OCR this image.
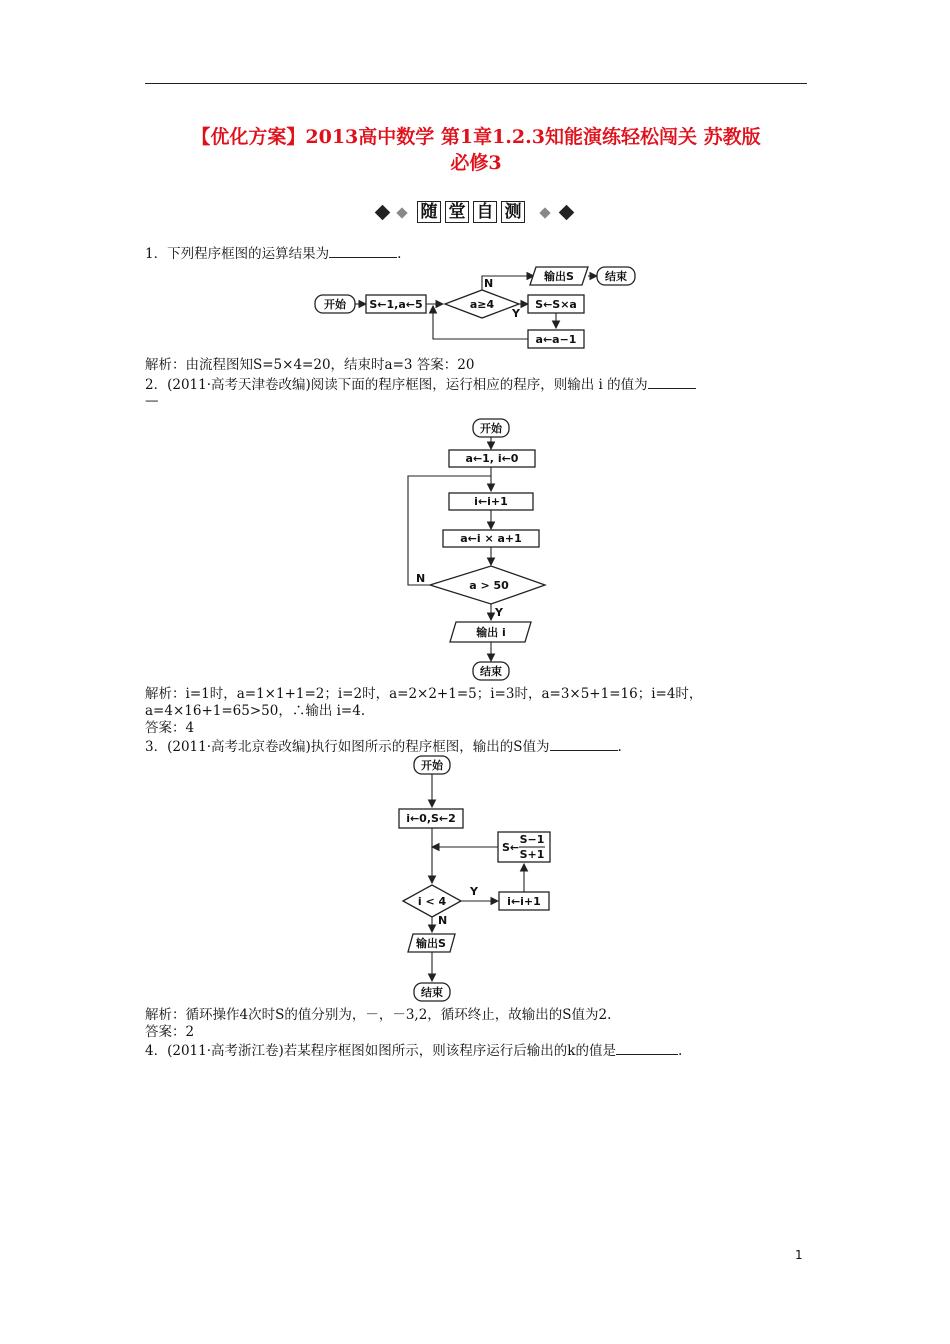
【优化方案】2013高中数学 第1章1.2.3知能演练轻松闯关 苏教版
必修3
随 堂 自 测
1．下列程序框图的运算结果为	.
开始 S←1,a←5	a≥4
N
输出S	结束
Y
S←S×a
a←a−1
解析：由流程图知S=5×4=20，结束时a=3 答案：20
2．(2011·高考天津卷改编)阅读下面的程序框图，运行相应的程序，则输出 i 的值为
—
开始
a←1, i←0
i←i+1
a←i × a+1
a > 50
N
Y
输出 i
结束
解析：i=1时，a=1×1+1=2；i=2时，a=2×2+1=5；i=3时，a=3×5+1=16；i=4时，
a=4×16+1=65>50，∴输出 i=4.
答案：4
3．(2011·高考北京卷改编)执行如图所示的程序框图，输出的S值为	.
开始
i←0,S←2
S←
S−1
S+1
i < 4
Y
i←i+1
N
输出S
结束
解析：循环操作4次时S的值分别为，－，－3,2，循环终止，故输出的S值为2.
答案：2
4．(2011·高考浙江卷)若某程序框图如图所示，则该程序运行后输出的k的值是	.
1
